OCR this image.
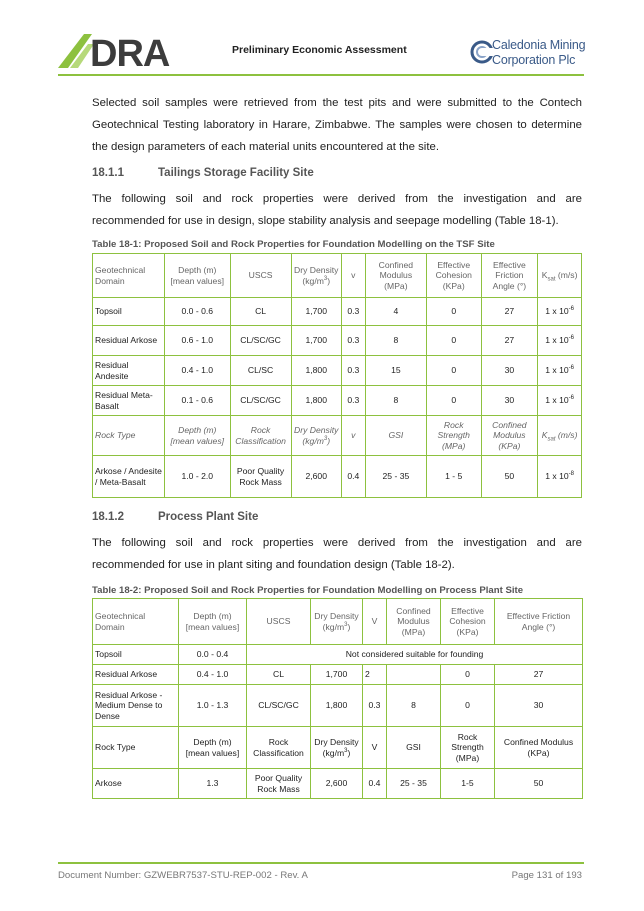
DRA	Preliminary Economic Assessment	Caledonia Mining
Corporation Plc
Selected soil samples were retrieved from the test pits and were submitted to the Contech
Geotechnical Testing laboratory in Harare, Zimbabwe. The samples were chosen to determine
the design parameters of each material units encountered at the site.
18.1.1	Tailings Storage Facility Site
The following soil and rock properties were derived from the investigation and are
recommended for use in design, slope stability analysis and seepage modelling (Table 18-1).
Table 18-1: Proposed Soil and Rock Properties for Foundation Modelling on the TSF Site
Geotechnical Domain	Depth (m) [mean values]	USCS	Dry Density $(kg/m^3)$	v	Confined Modulus (MPa)	Effective Cohesion (KPa)	Effective Friction Angle (°)	$K_{sat}$ (m/s)
Topsoil	0.0 - 0.6	CL	1,700	0.3	4	0	27	1 x $10^{-6}$
Residual Arkose	0.6 - 1.0	CL/SC/GC	1,700	0.3	8	0	27	1 x $10^{-6}$
Residual Andesite	0.4 - 1.0	CL/SC	1,800	0.3	15	0	30	1 x $10^{-6}$
Residual Meta-Basalt	0.1 - 0.6	CL/SC/GC	1,800	0.3	8	0	30	1 x $10^{-6}$
Rock Type	Depth (m) [mean values]	Rock Classification	Dry Density $(kg/m^3)$	v	GSI	Rock Strength (MPa)	Confined Modulus (KPa)	$K_{sat}$ (m/s)
Arkose / Andesite / Meta-Basalt	1.0 - 2.0	Poor Quality Rock Mass	2,600	0.4	25 - 35	1 - 5	50	1 x $10^{-8}$
18.1.2	Process Plant Site
The following soil and rock properties were derived from the investigation and are
recommended for use in plant siting and foundation design (Table 18-2).
Table 18-2: Proposed Soil and Rock Properties for Foundation Modelling on Process Plant Site
Geotechnical Domain	Depth (m) [mean values]	USCS	Dry Density $(kg/m^3)$	V	Confined Modulus (MPa)	Effective Cohesion (KPa)	Effective Friction Angle (°)
Topsoil	0.0 - 0.4	Not considered suitable for founding					
Residual Arkose	0.4 - 1.0	CL	1,700	2		0	27
Residual Arkose - Medium Dense to Dense	1.0 - 1.3	CL/SC/GC	1,800	0.3	8	0	30
Rock Type	Depth (m) [mean values]	Rock Classification	Dry Density $(kg/m^3)$	V	GSI	Rock Strength (MPa)	Confined Modulus (KPa)
Arkose	1.3	Poor Quality Rock Mass	2,600	0.4	25 - 35	1-5	50
Document Number: GZWEBR7537-STU-REP-002 - Rev. A	Page 131 of 193
